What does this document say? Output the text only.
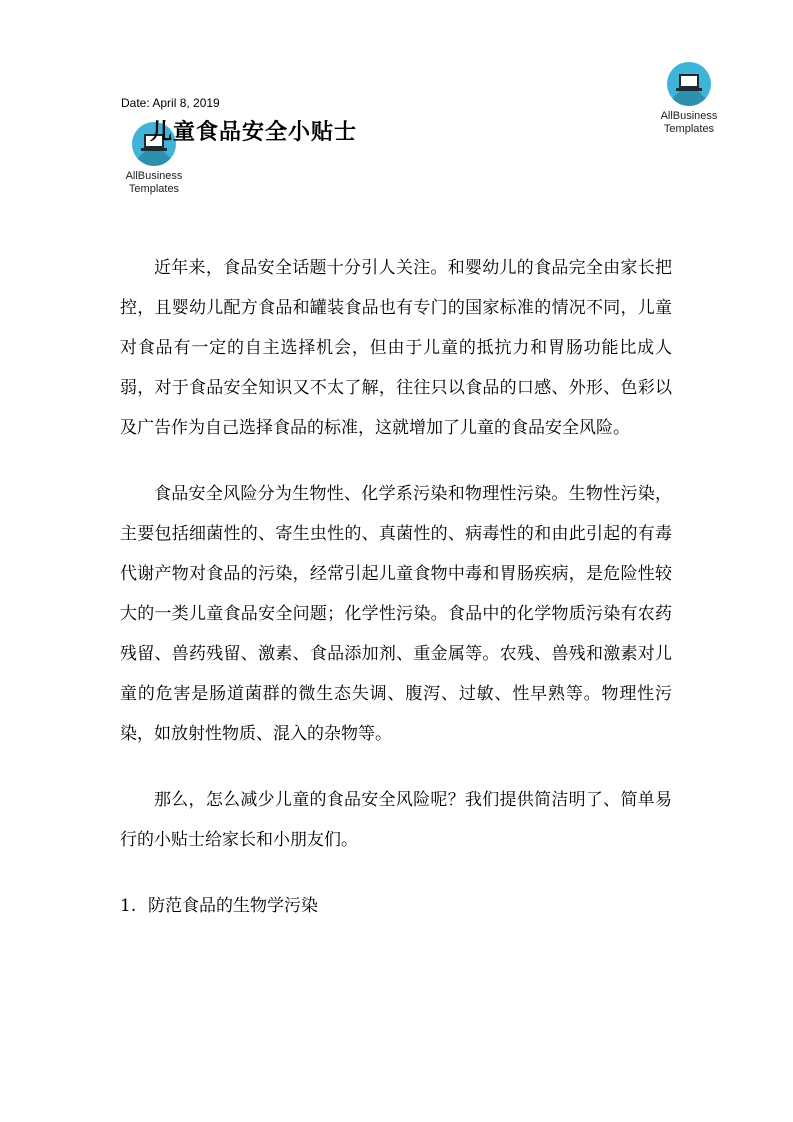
AllBusiness
Templates
Date: April 8, 2019
AllBusiness
Templates
儿童食品安全小贴士

近年来，食品安全话题十分引人关注。和婴幼儿的食品完全由家长把控，且婴幼儿配方食品和罐装食品也有专门的国家标准的情况不同，儿童对食品有一定的自主选择机会，但由于儿童的抵抗力和胃肠功能比成人弱，对于食品安全知识又不太了解，往往只以食品的口感、外形、色彩以及广告作为自己选择食品的标准，这就增加了儿童的食品安全风险。

食品安全风险分为生物性、化学系污染和物理性污染。生物性污染，主要包括细菌性的、寄生虫性的、真菌性的、病毒性的和由此引起的有毒代谢产物对食品的污染，经常引起儿童食物中毒和胃肠疾病，是危险性较大的一类儿童食品安全问题；化学性污染。食品中的化学物质污染有农药残留、兽药残留、激素、食品添加剂、重金属等。农残、兽残和激素对儿童的危害是肠道菌群的微生态失调、腹泻、过敏、性早熟等。物理性污染，如放射性物质、混入的杂物等。

那么，怎么减少儿童的食品安全风险呢？我们提供简洁明了、简单易行的小贴士给家长和小朋友们。

1. 防范食品的生物学污染
